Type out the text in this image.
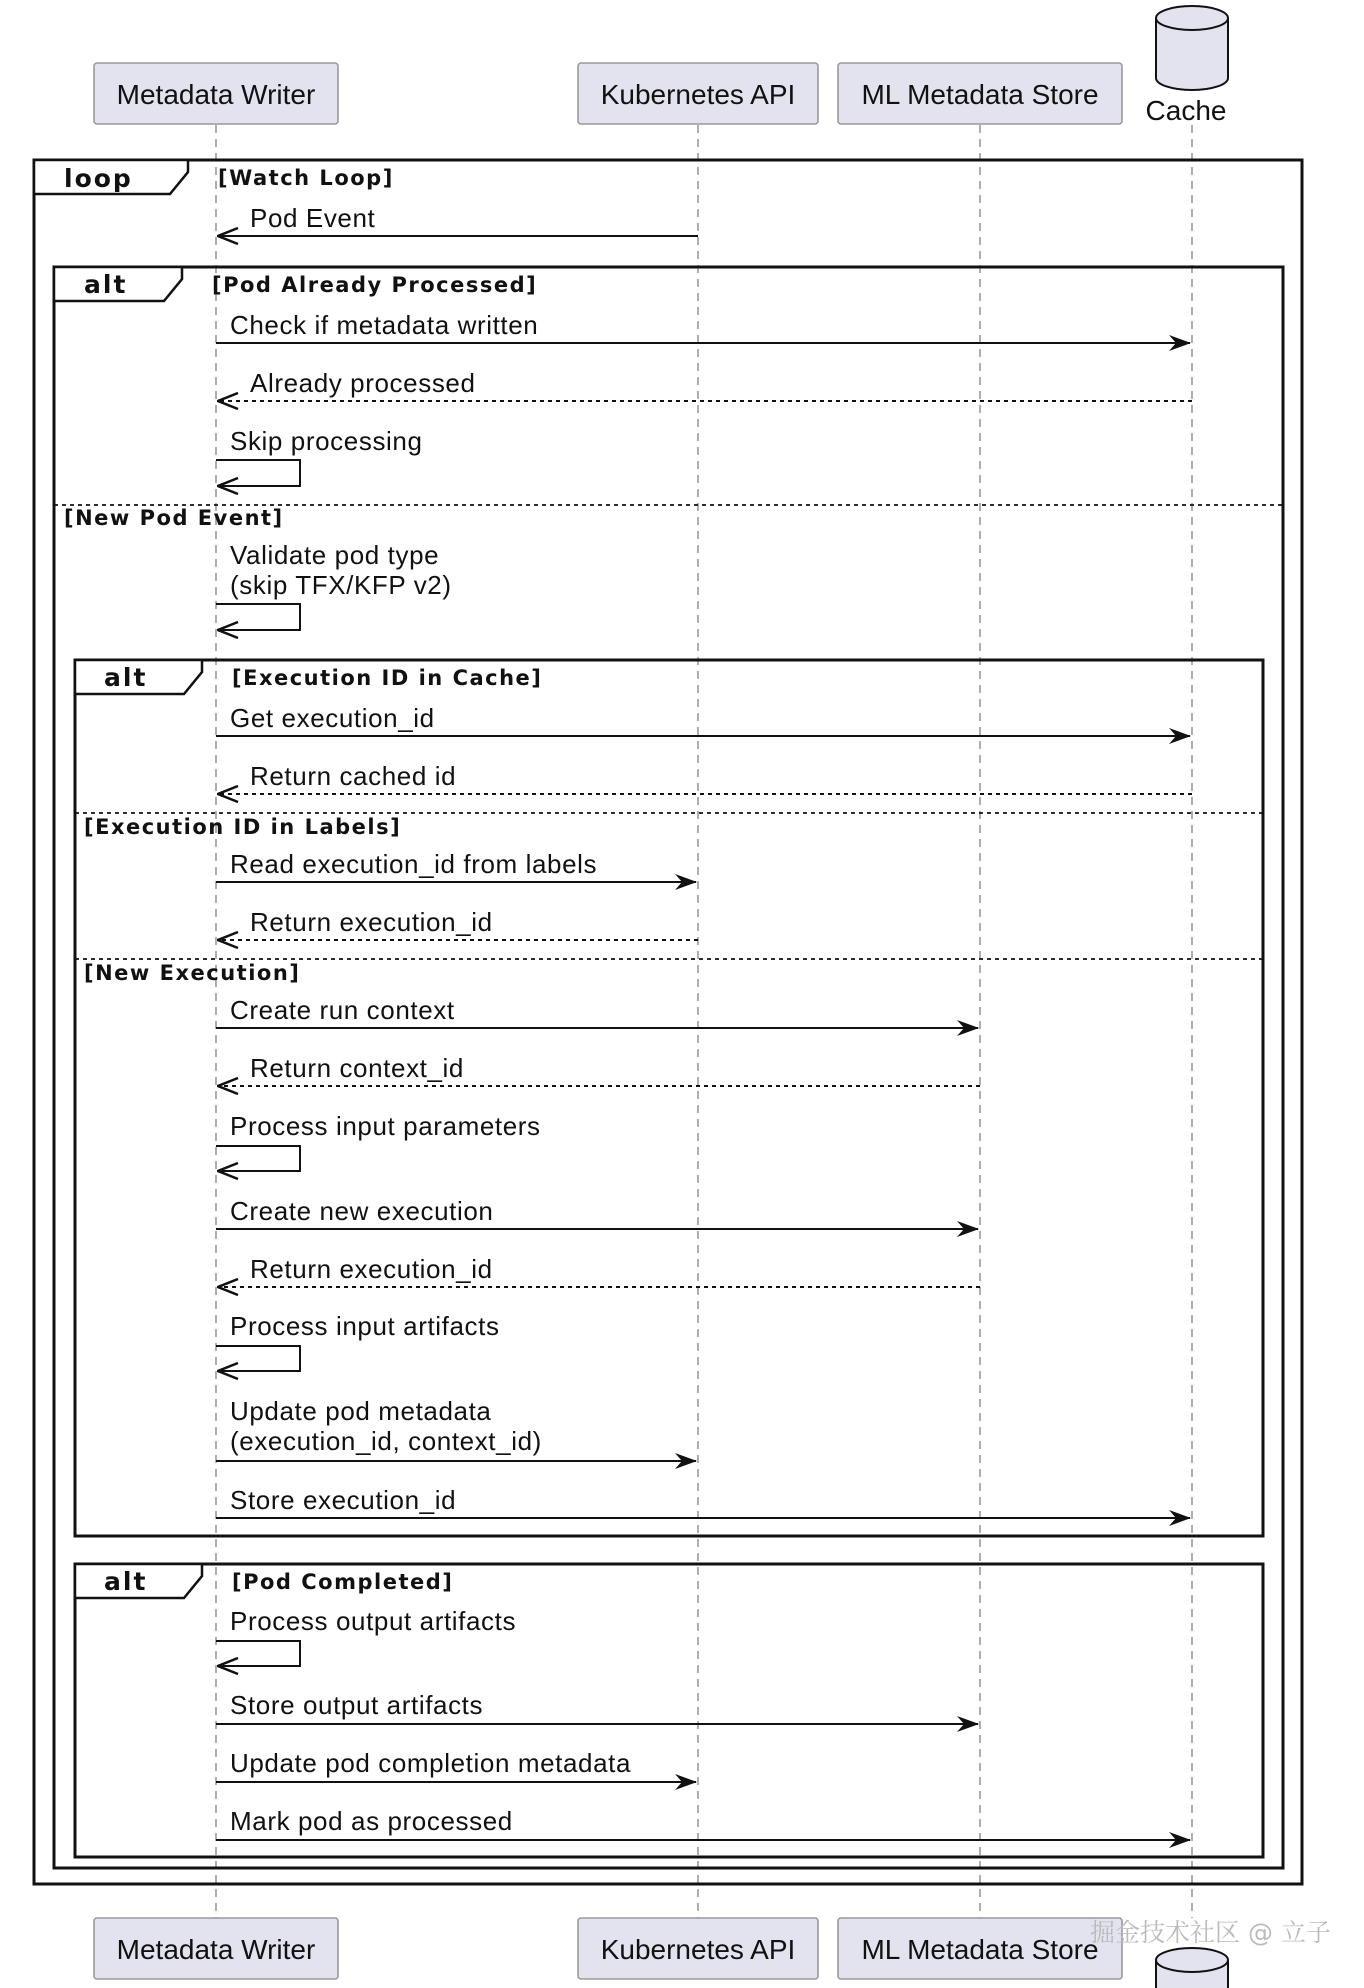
loop	[Watch Loop]
alt	[Pod Already Processed]
[New Pod Event]
alt	[Execution ID in Cache]
[Execution ID in Labels]
[New Execution]
alt	[Pod Completed]
Pod Event
Check if metadata written
Already processed
Skip processing
Validate pod type
(skip TFX/KFP v2)
Get execution_id
Return cached id
Read execution_id from labels
Return execution_id
Create run context
Return context_id
Process input parameters
Create new execution
Return execution_id
Process input artifacts
Update pod metadata
(execution_id, context_id)
Store execution_id
Process output artifacts
Store output artifacts
Update pod completion metadata
Mark pod as processed
Metadata Writer	Kubernetes API ML Metadata Store
Cache
Metadata Writer	Kubernetes API ML Metadata Store
掘金技术社区 @ 立子
